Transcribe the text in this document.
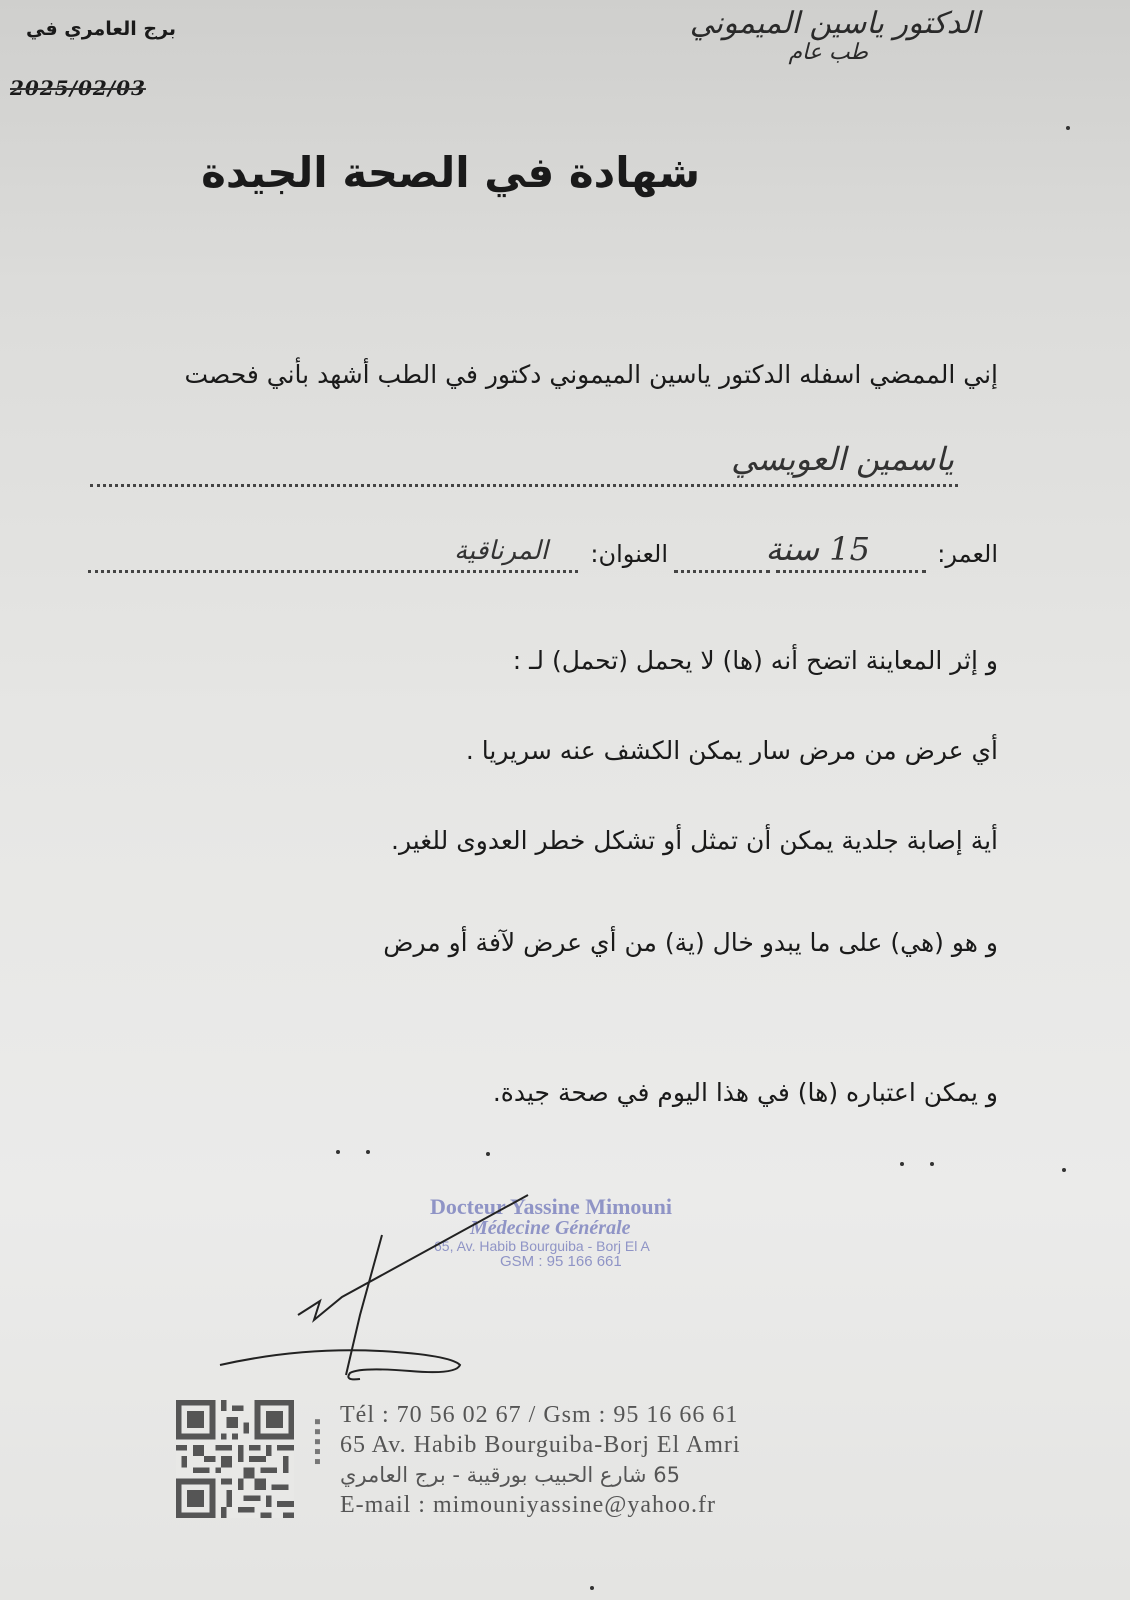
الدكتور ياسين الميموني
طب عام
برج العامري في
2025/02/03
شهادة في الصحة الجيدة
إني الممضي اسفله الدكتور ياسين الميموني دكتور في الطب أشهد بأني فحصت
ياسمين العويسي
العمر:
15 سنة
العنوان:
المرناقية
و إثر المعاينة اتضح أنه (ها) لا يحمل (تحمل) لـ :
أي عرض من مرض سار يمكن الكشف عنه سريريا .
أية إصابة جلدية يمكن أن تمثل أو تشكل خطر العدوى للغير.
و هو (هي) على ما يبدو خال (ية) من أي عرض لآفة أو مرض
و يمكن اعتباره (ها) في هذا اليوم في صحة جيدة.
Docteur Yassine Mimouni
Médecine Générale
65, Av. Habib Bourguiba - Borj El A
GSM : 95 166 661
▪ ▪ ▪ ▪ ▪
Tél : 70 56 02 67 / Gsm : 95 16 66 61
65 Av. Habib Bourguiba-Borj El Amri
65 شارع الحبيب بورقيبة - برج العامري
E-mail : mimouniyassine@yahoo.fr
